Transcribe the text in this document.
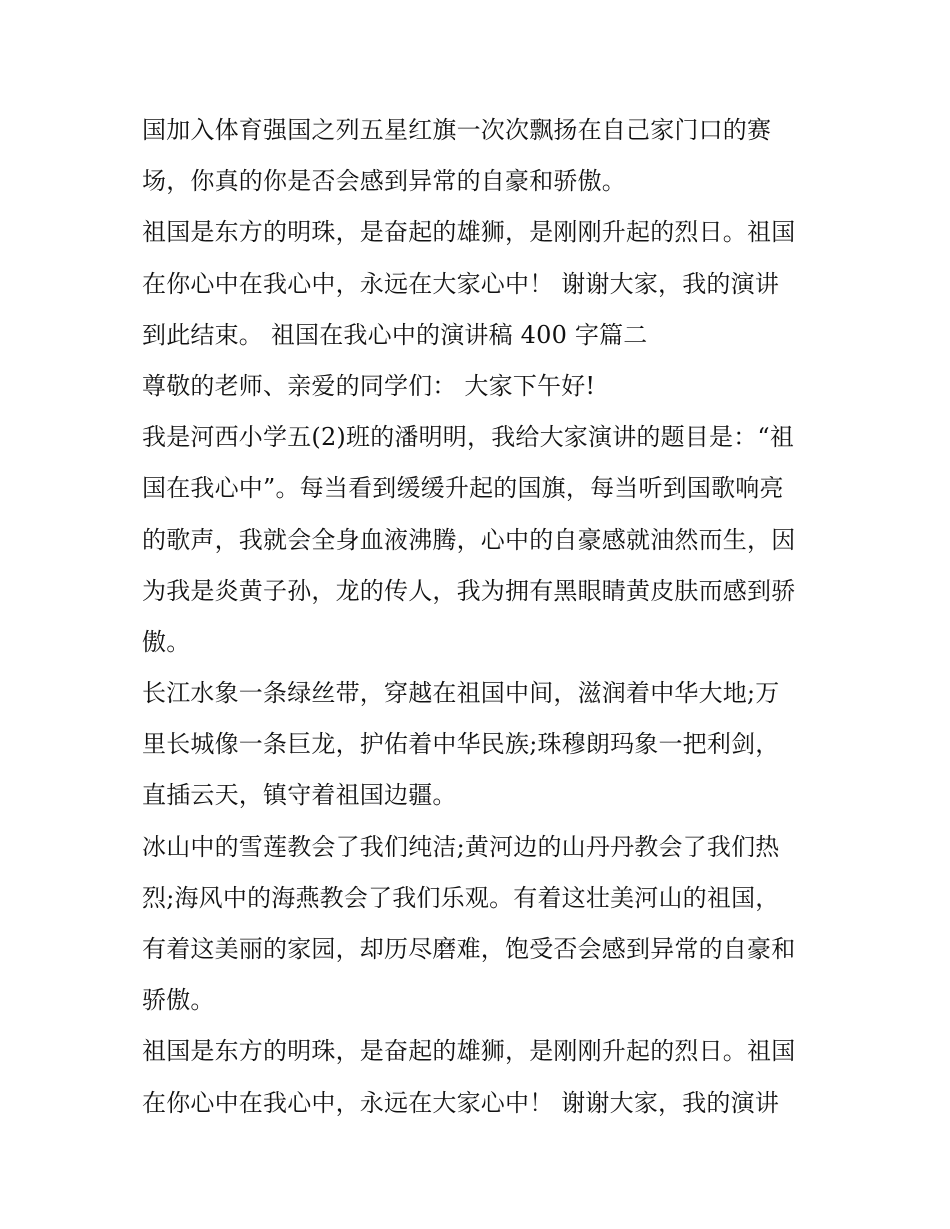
国加入体育强国之列五星红旗一次次飘扬在自己家门口的赛
场，你真的你是否会感到异常的自豪和骄傲。
祖国是东方的明珠，是奋起的雄狮，是刚刚升起的烈日。祖国
在你心中在我心中，永远在大家心中！ 谢谢大家，我的演讲
到此结束。 祖国在我心中的演讲稿 400 字篇二
尊敬的老师、亲爱的同学们： 大家下午好!
我是河西小学五(2)班的潘明明，我给大家演讲的题目是：“祖
国在我心中”。每当看到缓缓升起的国旗，每当听到国歌响亮
的歌声，我就会全身血液沸腾，心中的自豪感就油然而生，因
为我是炎黄子孙，龙的传人，我为拥有黑眼睛黄皮肤而感到骄
傲。
长江水象一条绿丝带，穿越在祖国中间，滋润着中华大地;万
里长城像一条巨龙，护佑着中华民族;珠穆朗玛象一把利剑，
直插云天，镇守着祖国边疆。
冰山中的雪莲教会了我们纯洁;黄河边的山丹丹教会了我们热
烈;海风中的海燕教会了我们乐观。有着这壮美河山的祖国，
有着这美丽的家园，却历尽磨难，饱受否会感到异常的自豪和
骄傲。
祖国是东方的明珠，是奋起的雄狮，是刚刚升起的烈日。祖国
在你心中在我心中，永远在大家心中！ 谢谢大家，我的演讲
